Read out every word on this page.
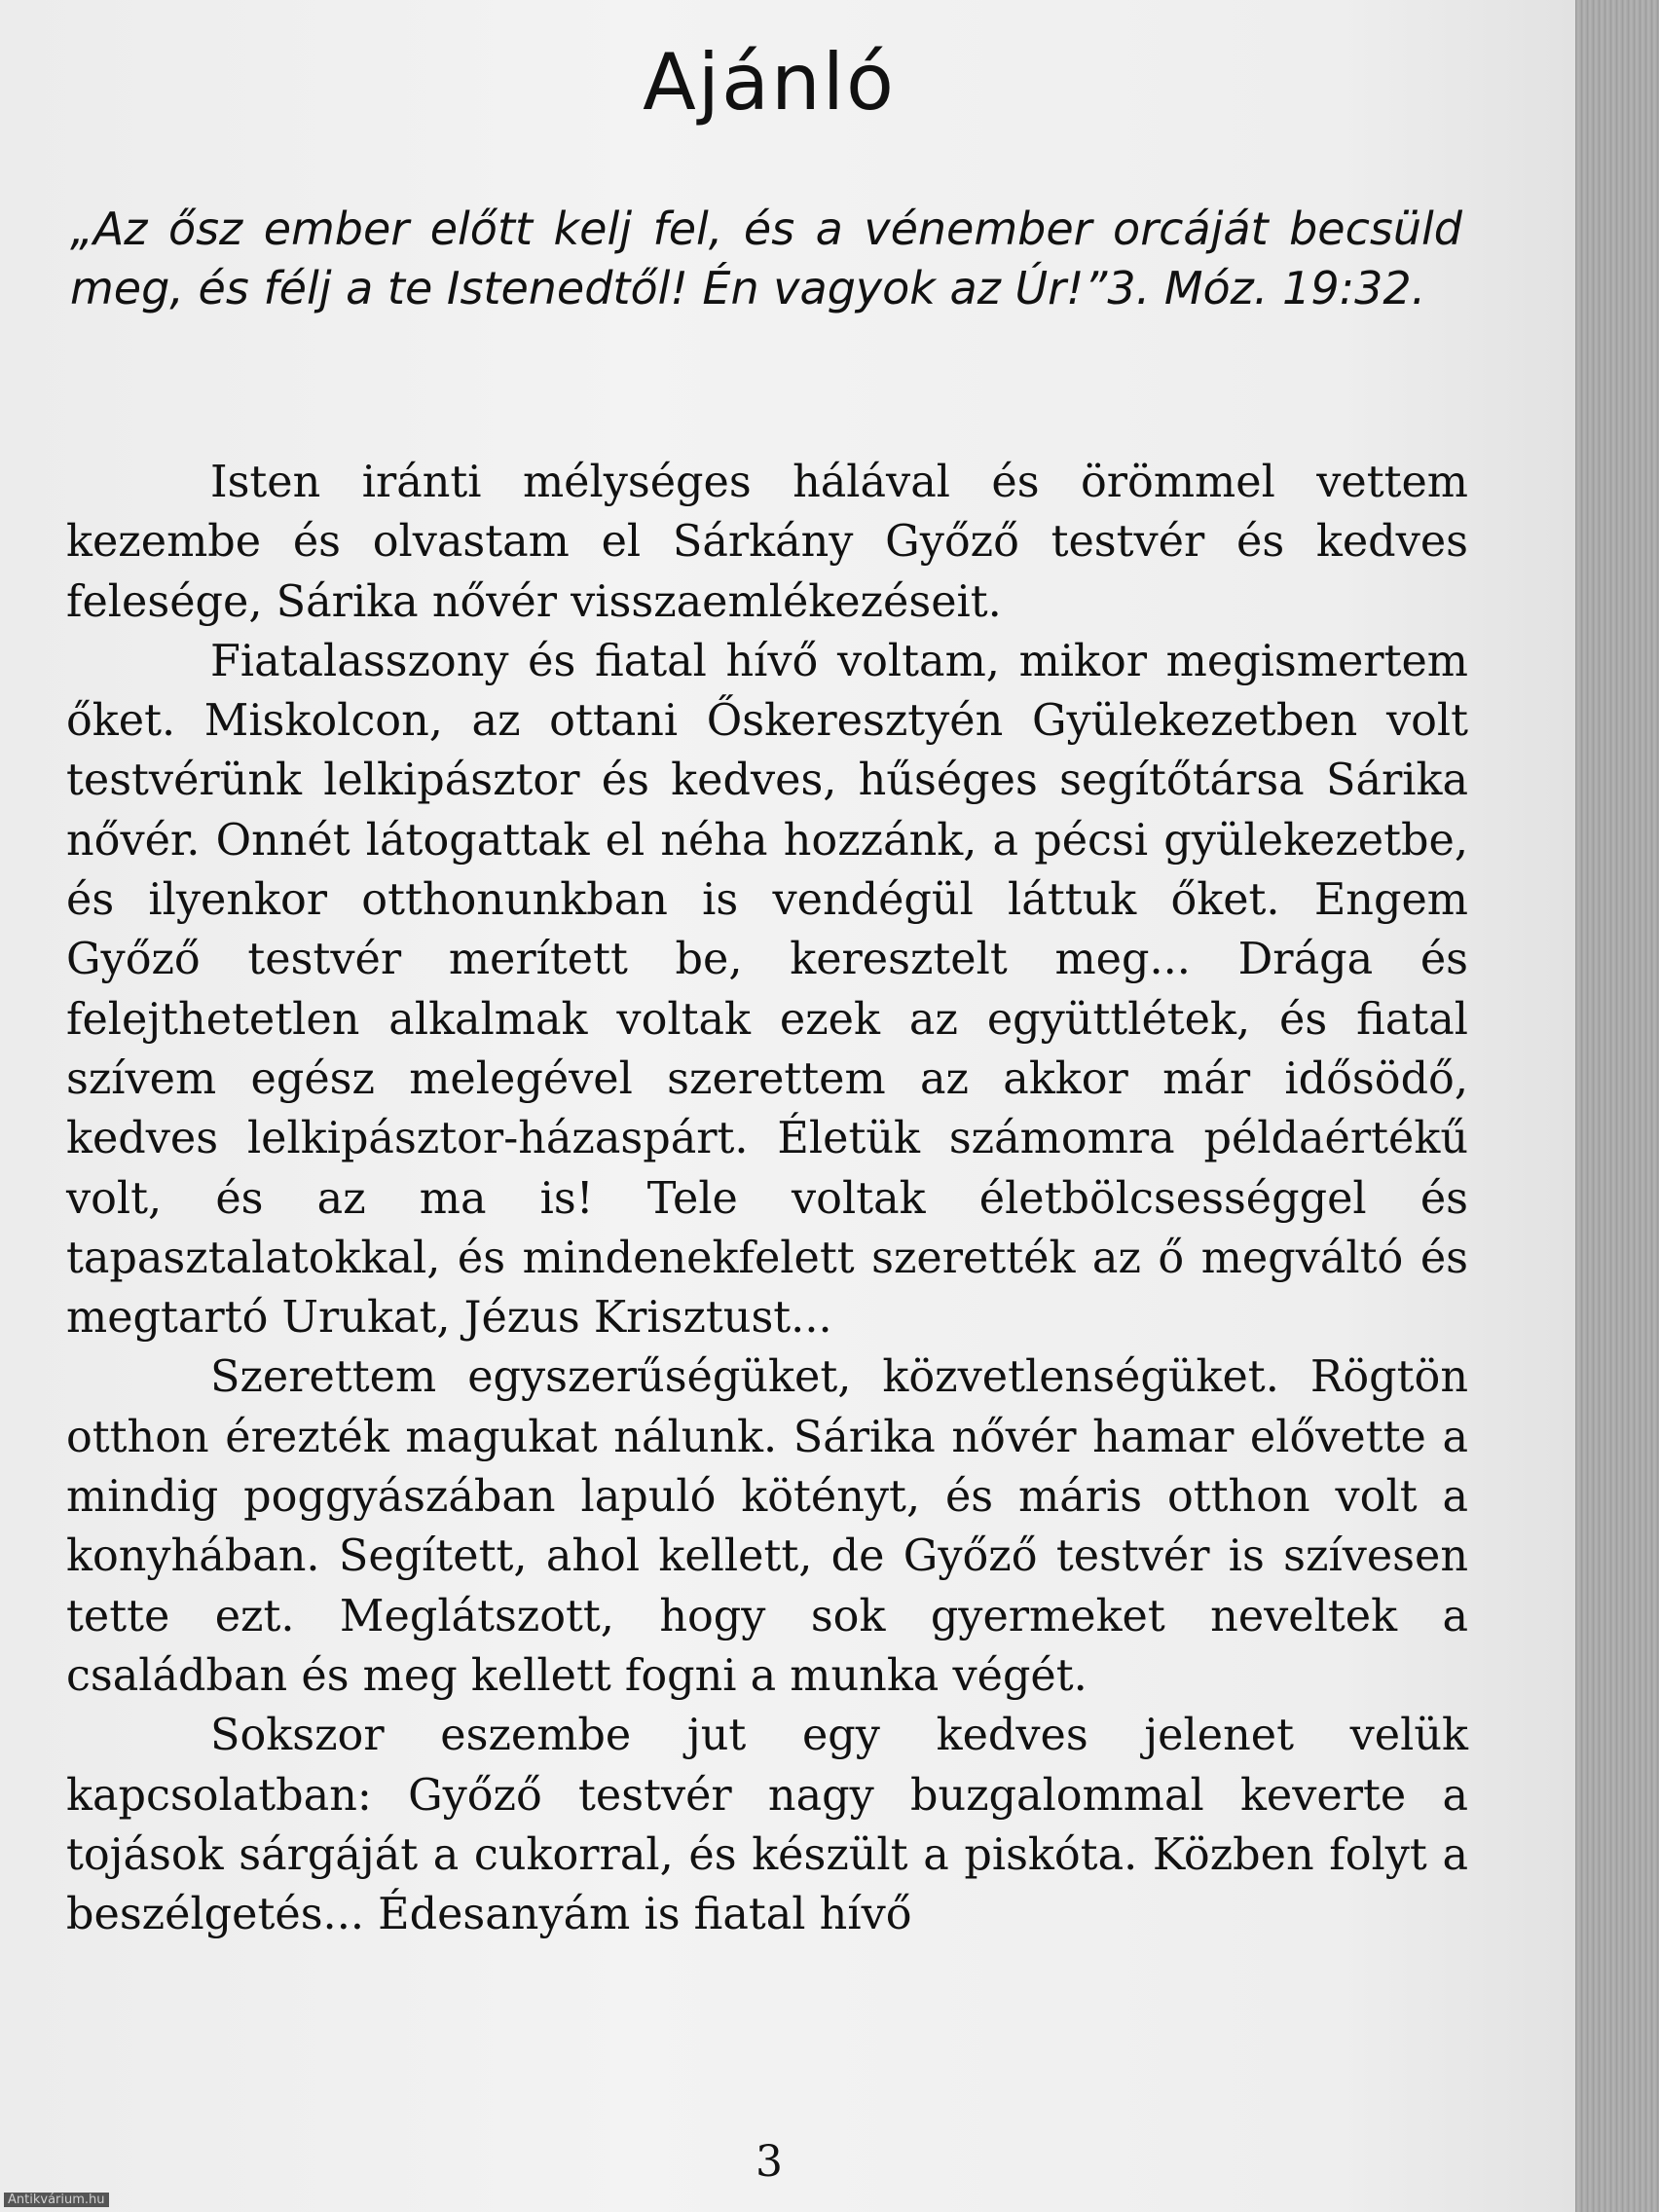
Ajánló
„Az ősz ember előtt kelj fel, és a vénember orcáját becsüld meg, és félj a te Istenedtől! Én vagyok az Úr!”3. Móz. 19:32.

Isten iránti mélységes hálával és örömmel vettem kezembe és olvastam el Sárkány Győző testvér és kedves felesége, Sárika nővér visszaemlékezéseit.

Fiatalasszony és fiatal hívő voltam, mikor megismertem őket. Miskolcon, az ottani Őskeresztyén Gyülekezetben volt testvérünk lelkipásztor és kedves, hűséges segítőtársa Sárika nővér. Onnét látogattak el néha hozzánk, a pécsi gyülekezetbe, és ilyenkor otthonunkban is vendégül láttuk őket. Engem Győző testvér merített be, keresztelt meg... Drága és felejthetetlen alkalmak voltak ezek az együttlétek, és fiatal szívem egész melegével szerettem az akkor már idősödő, kedves lelkipásztor-házaspárt. Életük számomra példaértékű volt, és az ma is! Tele voltak életbölcsességgel és tapasztalatokkal, és mindenekfelett szerették az ő megváltó és megtartó Urukat, Jézus Krisztust...

Szerettem egyszerűségüket, közvetlenségüket. Rögtön otthon érezték magukat nálunk. Sárika nővér hamar elővette a mindig poggyászában lapuló kötényt, és máris otthon volt a konyhában. Segített, ahol kellett, de Győző testvér is szívesen tette ezt. Meglátszott, hogy sok gyermeket neveltek a családban és meg kellett fogni a munka végét.

Sokszor eszembe jut egy kedves jelenet velük kapcsolatban: Győző testvér nagy buzgalommal keverte a tojások sárgáját a cukorral, és készült a piskóta. Közben folyt a beszélgetés... Édesanyám is fiatal hívő

3
Antikvárium.hu
